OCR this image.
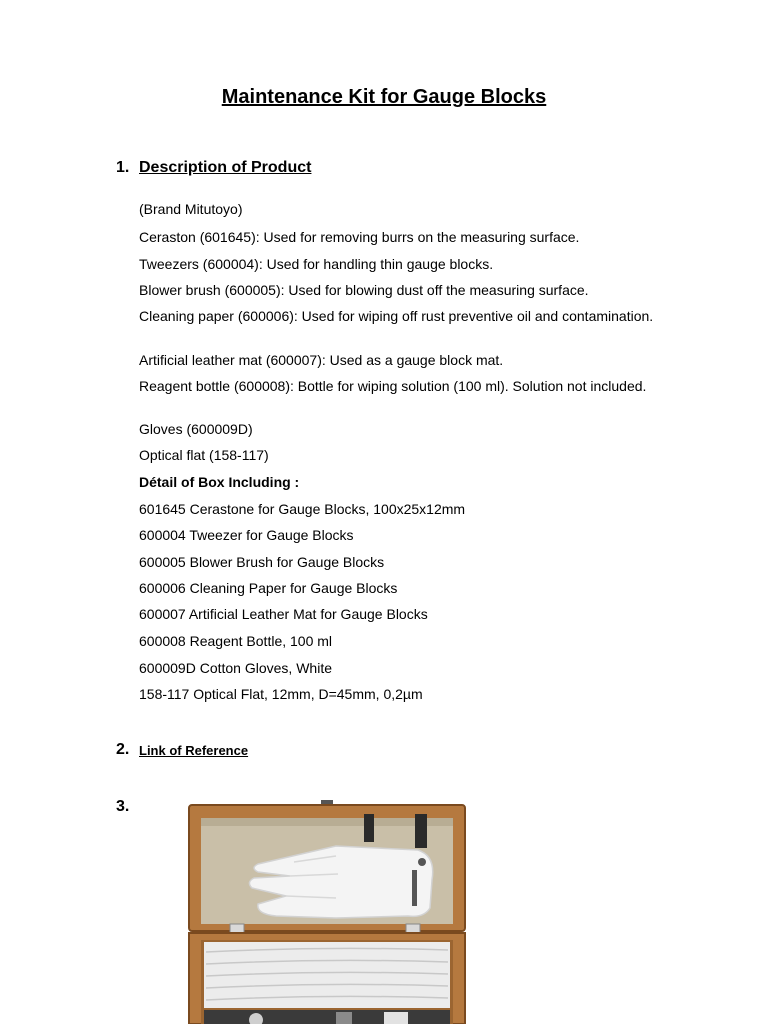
Maintenance Kit for Gauge Blocks
1. Description of Product
(Brand Mitutoyo)
Ceraston (601645): Used for removing burrs on the measuring surface.
Tweezers (600004): Used for handling thin gauge blocks.
Blower brush (600005): Used for blowing dust off the measuring surface.
Cleaning paper (600006): Used for wiping off rust preventive oil and contamination.
Artificial leather mat (600007): Used as a gauge block mat.
Reagent bottle (600008): Bottle for wiping solution (100 ml). Solution not included.
Gloves (600009D)
Optical flat (158-117)
Détail of Box Including :
601645 Cerastone for Gauge Blocks, 100x25x12mm
600004 Tweezer for Gauge Blocks
600005 Blower Brush for Gauge Blocks
600006 Cleaning Paper for Gauge Blocks
600007 Artificial Leather Mat for Gauge Blocks
600008 Reagent Bottle, 100 ml
600009D Cotton Gloves, White
158-117 Optical Flat, 12mm, D=45mm, 0,2µm
2. Link of Reference
3.
